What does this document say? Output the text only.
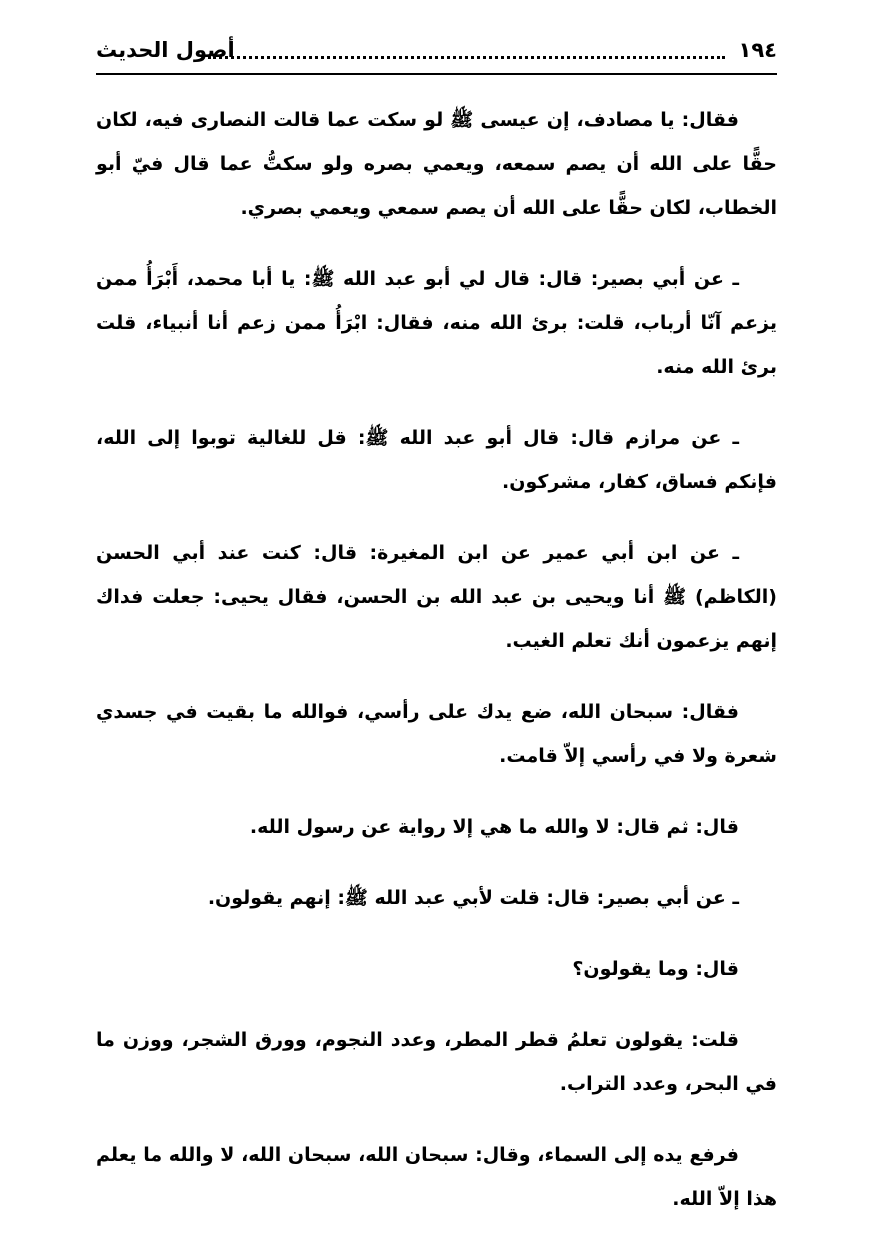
١٩٤
أصول الحديث

فقال: يا مصادف، إن عيسى ﷺ لو سكت عما قالت النصارى فيه، لكان حقًّا على الله أن يصم سمعه، ويعمي بصره ولو سكتُّ عما قال فيّ أبو الخطاب، لكان حقًّا على الله أن يصم سمعي ويعمي بصري.

ـ عن أبي بصير: قال: قال لي أبو عبد الله ﷺ: يا أبا محمد، أَبْرَأُ ممن يزعم آنّا أرباب، قلت: برئ الله منه، فقال: ابْرَأُ ممن زعم أنا أنبياء، قلت برئ الله منه.

ـ عن مرازم قال: قال أبو عبد الله ﷺ: قل للغالية توبوا إلى الله، فإنكم فساق، كفار، مشركون.

ـ عن ابن أبي عمير عن ابن المغيرة: قال: كنت عند أبي الحسن (الكاظم) ﷺ أنا ويحيى بن عبد الله بن الحسن، فقال يحيى: جعلت فداك إنهم يزعمون أنك تعلم الغيب.

فقال: سبحان الله، ضع يدك على رأسي، فوالله ما بقيت في جسدي شعرة ولا في رأسي إلاّ قامت.

قال: ثم قال: لا والله ما هي إلا رواية عن رسول الله.

ـ عن أبي بصير: قال: قلت لأبي عبد الله ﷺ: إنهم يقولون.

قال: وما يقولون؟

قلت: يقولون تعلمُ قطر المطر، وعدد النجوم، وورق الشجر، ووزن ما في البحر، وعدد التراب.

فرفع يده إلى السماء، وقال: سبحان الله، سبحان الله، لا والله ما يعلم هذا إلاّ الله.
